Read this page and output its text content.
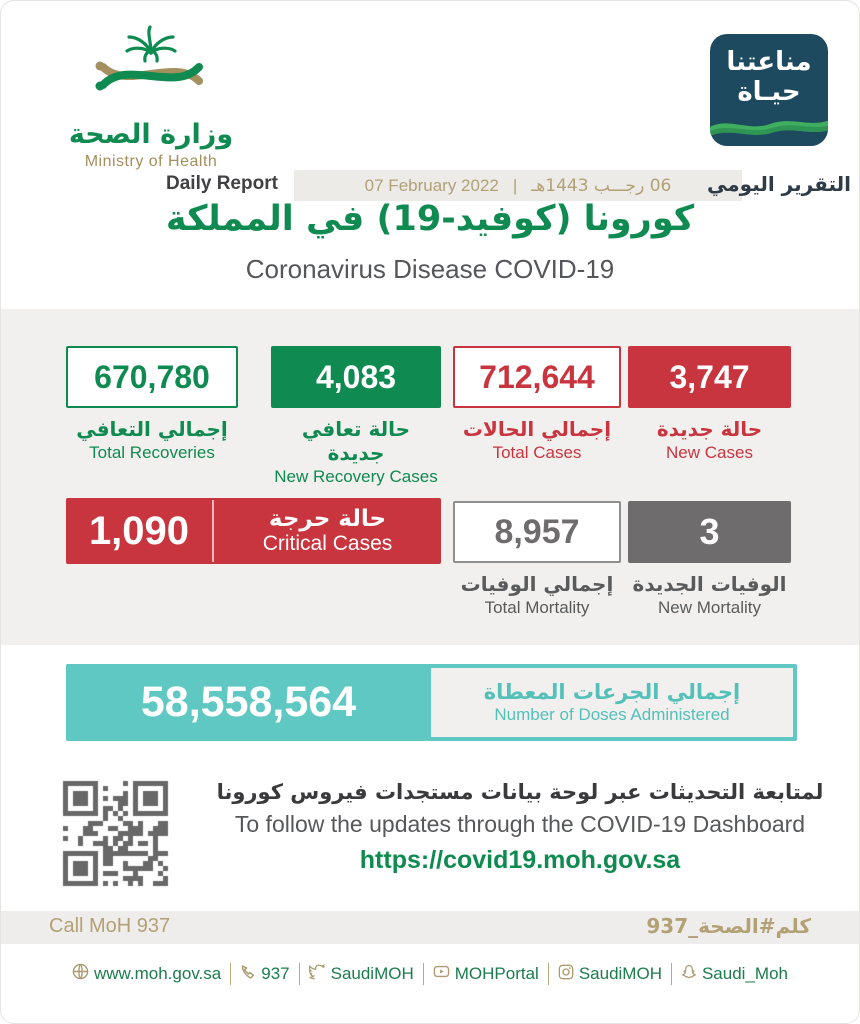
وزارة الصحة
Ministry of Health
مناعتنا
حيـاة
Daily Report	07 February 2022 | 06 رجـــب 1443هـ التقرير اليومي
كورونا (كوفيد-19) في المملكة
Coronavirus Disease COVID-19
670,780
إجمالي التعافي
Total Recoveries
4,083
حالة تعافي جديدة
New Recovery Cases
712,644
إجمالي الحالات
Total Cases
3,747
حالة جديدة
New Cases
1,090	حالة حرجة
Critical Cases	8,957
إجمالي الوفيات
Total Mortality
3
الوفيات الجديدة
New Mortality
58,558,564	إجمالي الجرعات المعطاة
Number of Doses Administered
لمتابعة التحديثات عبر لوحة بيانات مستجدات فيروس كورونا
To follow the updates through the COVID-19 Dashboard
https://covid19.moh.gov.sa
Call MoH 937	كلم#الصحة_937
www.moh.gov.sa 937 SaudiMOH MOHPortal SaudiMOH Saudi_Moh
